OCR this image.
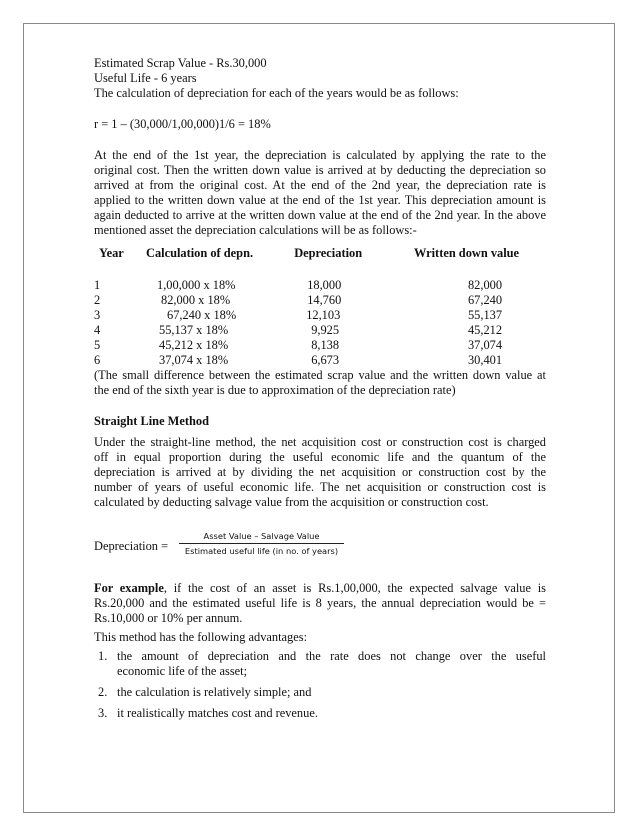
Estimated Scrap Value - Rs.30,000
Useful Life - 6 years
The calculation of depreciation for each of the years would be as follows:
r = 1 – (30,000/1,00,000)1/6 = 18%
At the end of the 1st year, the depreciation is calculated by applying the rate to the
original cost. Then the written down value is arrived at by deducting the depreciation so
arrived at from the original cost. At the end of the 2nd year, the depreciation rate is
applied to the written down value at the end of the 1st year. This depreciation amount is
again deducted to arrive at the written down value at the end of the 2nd year. In the above
mentioned asset the depreciation calculations will be as follows:-
Year	Calculation of depn.	Depreciation	Written down value

1	1,00,000 x 18%	18,000	82,000
2	82,000 x 18%	14,760	67,240
3	67,240 x 18%	12,103	55,137
4	55,137 x 18%	9,925	45,212
5	45,212 x 18%	8,138	37,074
6	37,074 x 18%	6,673	30,401
(The small difference between the estimated scrap value and the written down value at
the end of the sixth year is due to approximation of the depreciation rate)
Straight Line Method
Under the straight-line method, the net acquisition cost or construction cost is charged
off in equal proportion during the useful economic life and the quantum of the
depreciation is arrived at by dividing the net acquisition or construction cost by the
number of years of useful economic life. The net acquisition or construction cost is
calculated by deducting salvage value from the acquisition or construction cost.
Depreciation =
Asset Value – Salvage Value
Estimated useful life (in no. of years)
For example, if the cost of an asset is Rs.1,00,000, the expected salvage value is
Rs.20,000 and the estimated useful life is 8 years, the annual depreciation would be =
Rs.10,000 or 10% per annum.
This method has the following advantages:
1. the amount of depreciation and the rate does not change over the useful
economic life of the asset;
2. the calculation is relatively simple; and
3. it realistically matches cost and revenue.
